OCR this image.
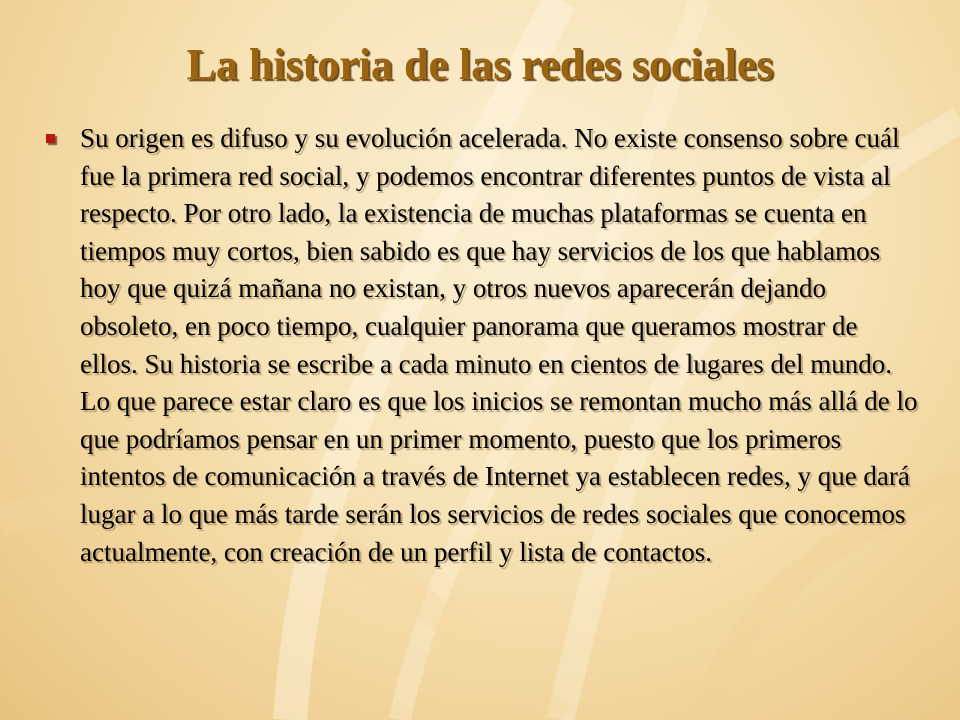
La historia de las redes sociales
Su origen es difuso y su evolución acelerada. No existe consenso sobre cuál fue la primera red social, y podemos encontrar diferentes puntos de vista al respecto. Por otro lado, la existencia de muchas plataformas se cuenta en tiempos muy cortos, bien sabido es que hay servicios de los que hablamos hoy que quizá mañana no existan, y otros nuevos aparecerán dejando obsoleto, en poco tiempo, cualquier panorama que queramos mostrar de ellos. Su historia se escribe a cada minuto en cientos de lugares del mundo. Lo que parece estar claro es que los inicios se remontan mucho más allá de lo que podríamos pensar en un primer momento, puesto que los primeros intentos de comunicación a través de Internet ya establecen redes, y que dará lugar a lo que más tarde serán los servicios de redes sociales que conocemos actualmente, con creación de un perfil y lista de contactos.
